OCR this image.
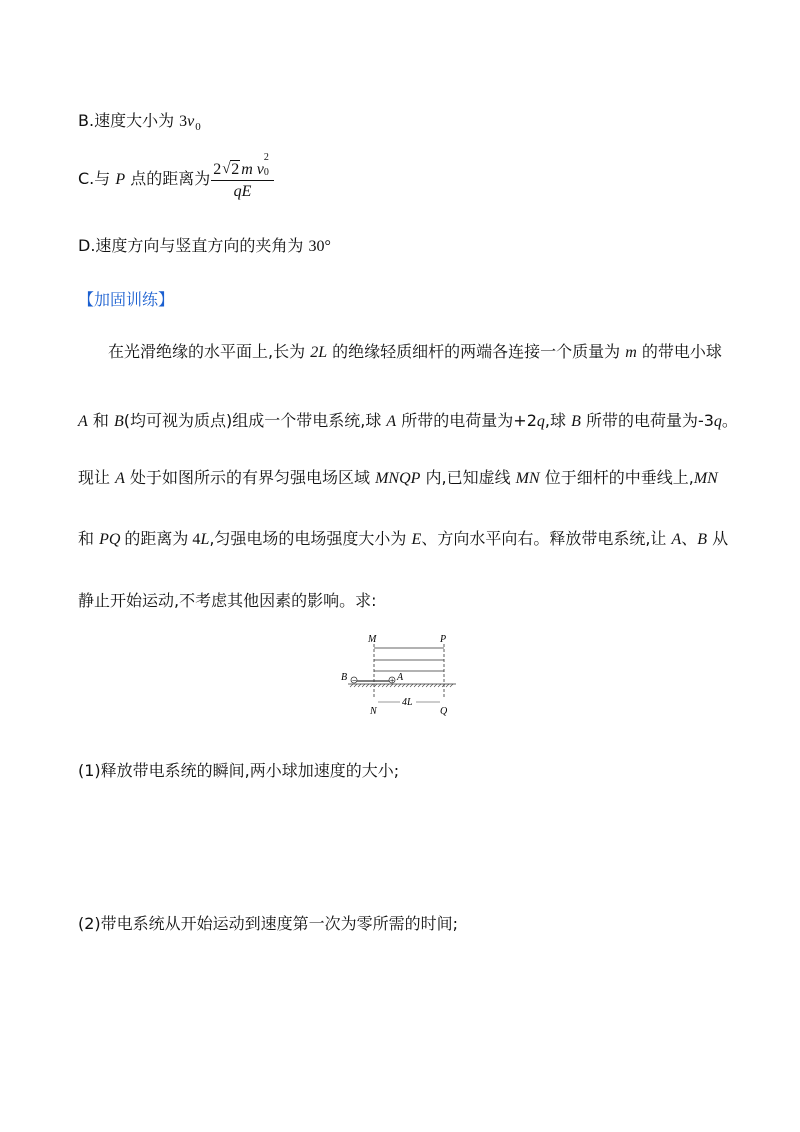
B.速度大小为 $3v_0$
C.与 P 点的距离为 2 √ 2 m v
2
0
qE
D.速度方向与竖直方向的夹角为 30°
【加固训练】
在光滑绝缘的水平面上,长为 2L 的绝缘轻质细杆的两端各连接一个质量为 m 的带电小球
A 和 B(均可视为质点)组成一个带电系统,球 A 所带的电荷量为+2q,球 B 所带的电荷量为-3q。
现让 A 处于如图所示的有界匀强电场区域 MNQP 内,已知虚线 MN 位于细杆的中垂线上,MN
和 PQ 的距离为 4L,匀强电场的电场强度大小为 E、方向水平向右。释放带电系统,让 A、B 从
静止开始运动,不考虑其他因素的影响。求:
M	P
B −	+ A
N	Q
4L
(1)释放带电系统的瞬间,两小球加速度的大小;
(2)带电系统从开始运动到速度第一次为零所需的时间;
